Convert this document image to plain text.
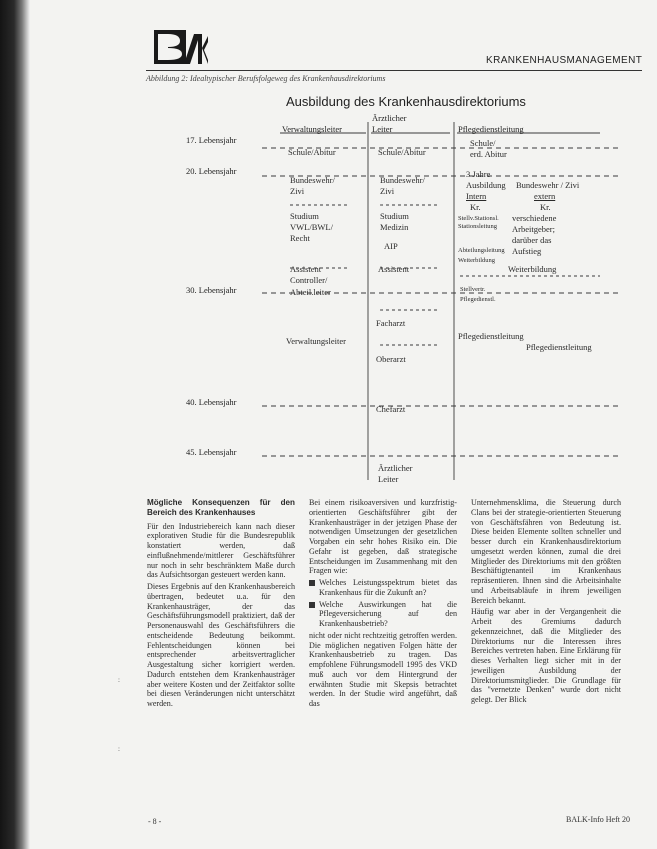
KRANKENHAUSMANAGEMENT
Abbildung 2: Idealtypischer Berufsfolgeweg des Krankenhausdirektoriums
Ausbildung des Krankenhausdirektoriums
Verwaltungsleiter
Ärztlicher
Leiter	Pflegedienstleitung
17. Lebensjahr
20. Lebensjahr
30. Lebensjahr
40. Lebensjahr
45. Lebensjahr
Schule/Abitur
Bundeswehr/
Zivi
Studium
VWL/BWL/
Recht
Assistent
Controller/
Abteil.leiter
Verwaltungsleiter
Schule/Abitur
Bundeswehr/
Zivi
Studium
Medizin
AIP
Assistent
Facharzt
Oberarzt
Chefarzt
Ärztlicher
Leiter
Schule/
erd. Abitur
3 Jahre
Ausbildung
Intern
Kr.
Bundeswehr / Zivi
extern
Kr.
verschiedene
Arbeitgeber;
darüber das
Aufstieg
Stellv.Stationsl.
Stationsleitung
Abteilungsleitung
Weiterbildung
Weiterbildung
Stellvertr.
Pflegedienstl.
Pflegedienstleitung
Pflegedienstleitung
Mögliche Konsequenzen für den Bereich des Krankenhauses
Für den Industriebereich kann nach dieser explorativen Studie für die Bundesrepublik konstatiert werden, daß einflußnehmende/mittlerer Geschäftsführer nur noch in sehr beschränktem Maße durch das Aufsichtsorgan gesteuert werden kann.
Dieses Ergebnis auf den Krankenhausbereich übertragen, bedeutet u.a. für den Krankenhausträger, der das Geschäftsführungsmodell praktiziert, daß der Personenauswahl des Geschäftsführers die entscheidende Bedeutung beikommt. Fehlentscheidungen können bei entsprechender arbeitsvertraglicher Ausgestaltung sicher korrigiert werden. Dadurch entstehen dem Krankenhausträger aber weitere Kosten und der Zeitfaktor sollte bei diesen Veränderungen nicht unterschätzt werden.
Bei einem risikoaversiven und kurzfristig-orientierten Geschäftsführer gibt der Krankenhausträger in der jetzigen Phase der notwendigen Umsetzungen der gesetzlichen Vorgaben ein sehr hohes Risiko ein. Die Gefahr ist gegeben, daß strategische Entscheidungen im Zusammenhang mit den Fragen wie:
Welches Leistungsspektrum bietet das Krankenhaus für die Zukunft an?
Welche Auswirkungen hat die Pflegeversicherung auf den Krankenhausbetrieb?
nicht oder nicht rechtzeitig getroffen werden. Die möglichen negativen Folgen hätte der Krankenhausbetrieb zu tragen. Das empfohlene Führungsmodell 1995 des VKD muß auch vor dem Hintergrund der erwähnten Studie mit Skepsis betrachtet werden. In der Studie wird angeführt, daß das
Unternehmensklima, die Steuerung durch Clans bei der strategie-orientierten Steuerung von Geschäftsfähren von Bedeutung ist. Diese beiden Elemente sollten schneller und besser durch ein Krankenhausdirektorium umgesetzt werden können, zumal die drei Mitglieder des Direktoriums mit den größten Beschäftigtenanteil im Krankenhaus repräsentieren. Ihnen sind die Arbeitsinhalte und Arbeitsabläufe in ihrem jeweiligen Bereich bekannt.
Häufig war aber in der Vergangenheit die Arbeit des Gremiums dadurch gekennzeichnet, daß die Mitglieder des Direktoriums nur die Interessen ihres Bereiches vertreten haben. Eine Erklärung für dieses Verhalten liegt sicher mit in der jeweiligen Ausbildung der Direktoriumsmitglieder. Die Grundlage für das "vernetzte Denken" wurde dort nicht gelegt. Der Blick
:
:
- 8 -	BALK-Info Heft 20
